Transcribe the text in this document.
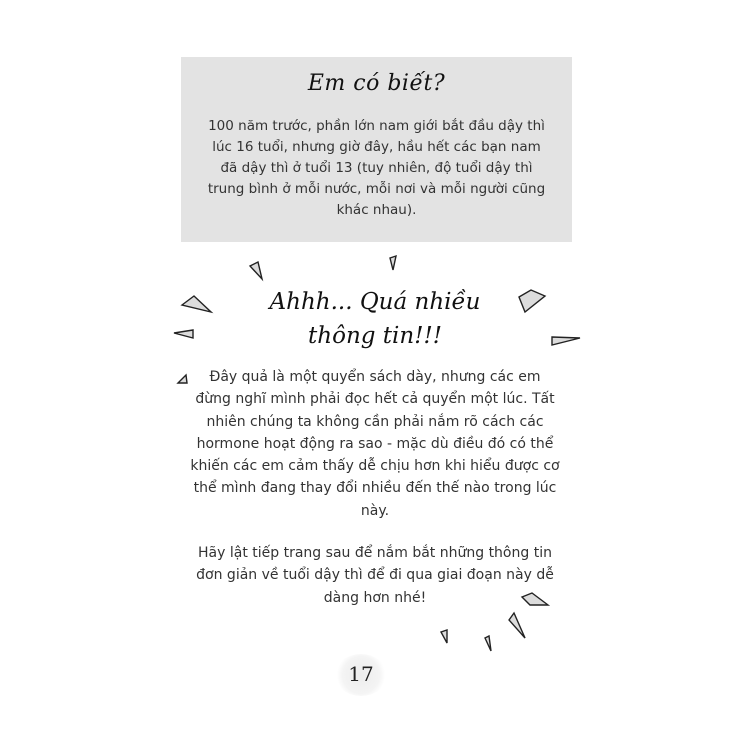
Em có biết?

100 năm trước, phần lớn nam giới bắt đầu dậy thì lúc 16 tuổi, nhưng giờ đây, hầu hết các bạn nam đã dậy thì ở tuổi 13 (tuy nhiên, độ tuổi dậy thì trung bình ở mỗi nước, mỗi nơi và mỗi người cũng khác nhau).

Ahhh... Quá nhiều
thông tin!!!

Đây quả là một quyển sách dày, nhưng các em đừng nghĩ mình phải đọc hết cả quyển một lúc. Tất nhiên chúng ta không cần phải nắm rõ cách các hormone hoạt động ra sao - mặc dù điều đó có thể khiến các em cảm thấy dễ chịu hơn khi hiểu được cơ thể mình đang thay đổi nhiều đến thế nào trong lúc này.

Hãy lật tiếp trang sau để nắm bắt những thông tin đơn giản về tuổi dậy thì để đi qua giai đoạn này dễ dàng hơn nhé!

17
